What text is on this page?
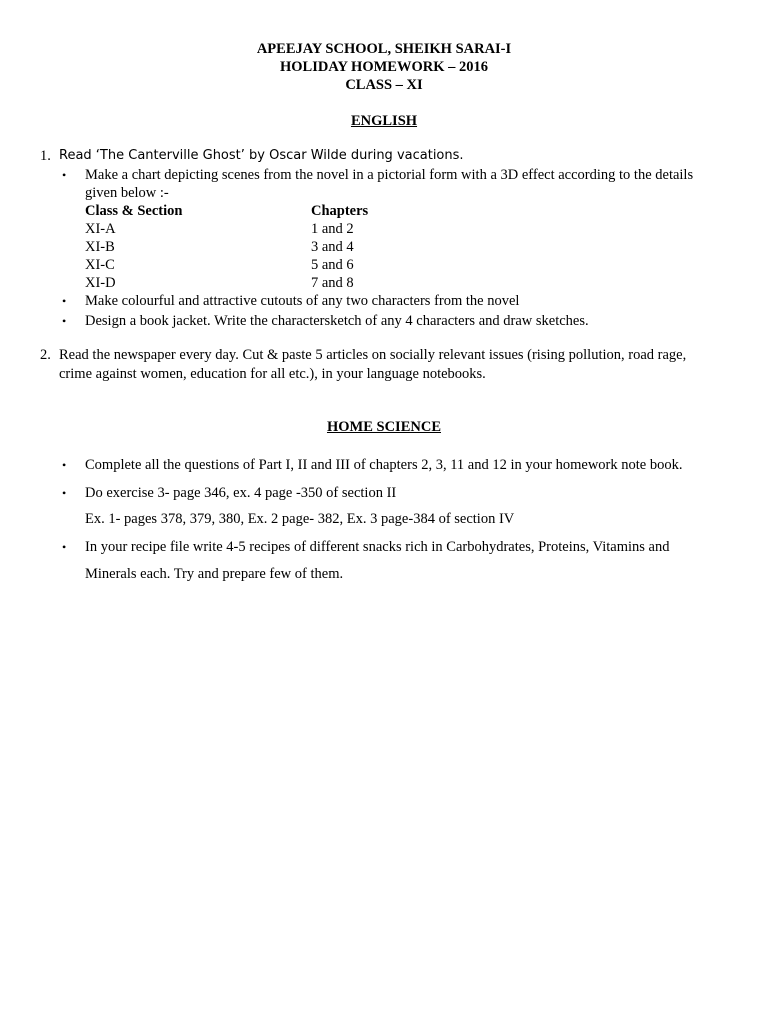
APEEJAY SCHOOL, SHEIKH SARAI-I
HOLIDAY HOMEWORK – 2016
CLASS – XI
ENGLISH
1. Read ‘The Canterville Ghost’ by Oscar Wilde during vacations.
• Make a chart depicting scenes from the novel in a pictorial form with a 3D effect according to the details
given below :-
Class & Section	Chapters
XI-A	1 and 2
XI-B	3 and 4
XI-C	5 and 6
XI-D	7 and 8
• Make colourful and attractive cutouts of any two characters from the novel
• Design a book jacket. Write the charactersketch of any 4 characters and draw sketches.
2. Read the newspaper every day. Cut & paste 5 articles on socially relevant issues (rising pollution, road rage,
crime against women, education for all etc.), in your language notebooks.
HOME SCIENCE
• Complete all the questions of Part I, II and III of chapters 2, 3, 11 and 12 in your homework note book.
• Do exercise 3- page 346, ex. 4 page -350 of section II
Ex. 1- pages 378, 379, 380, Ex. 2 page- 382, Ex. 3 page-384 of section IV
• In your recipe file write 4-5 recipes of different snacks rich in Carbohydrates, Proteins, Vitamins and
Minerals each. Try and prepare few of them.
